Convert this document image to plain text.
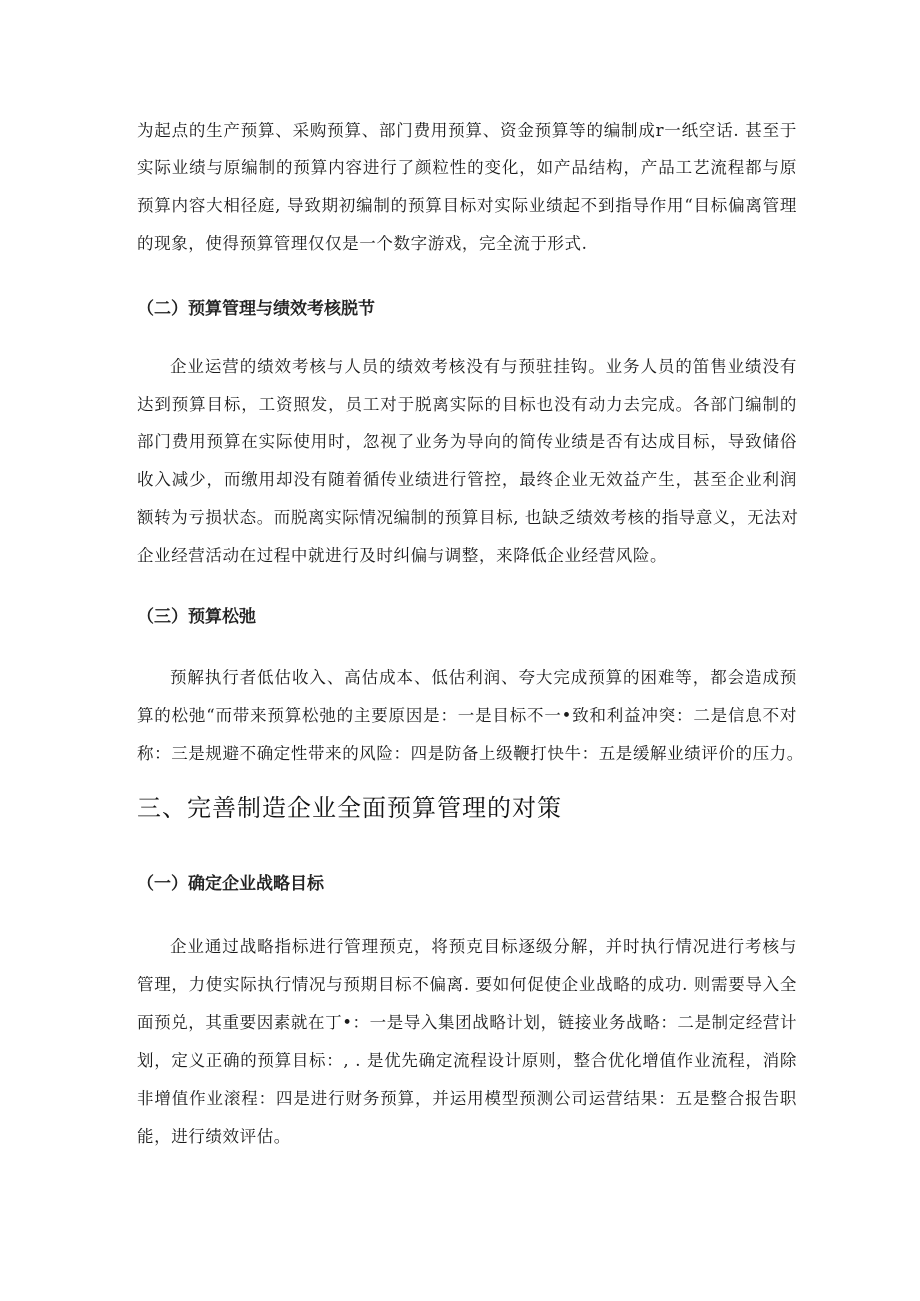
为起点的生产预算、采购预算、部门费用预算、资金预算等的编制成r一纸空话. 甚至于
实际业绩与原编制的预算内容进行了颜粒性的变化，如产品结构，产品工艺流程都与原
预算内容大相径庭, 导致期初编制的预算目标对实际业绩起不到指导作用“目标偏离管理
的现象，使得预算管理仅仅是一个数字游戏，完全流于形式.
（二）预算管理与绩效考核脱节
企业运营的绩效考核与人员的绩效考核没有与预驻挂钩。业务人员的笛售业绩没有
达到预算目标，工资照发，员工对于脱离实际的目标也没有动力去完成。各部门编制的
部门费用预算在实际使用时，忽视了业务为导向的简传业绩是否有达成目标，导致储俗
收入减少，而缴用却没有随着循传业绩进行管控，最终企业无效益产生，甚至企业利润
额转为亏损状态。而脱离实际情况编制的预算目标, 也缺乏绩效考核的指导意义，无法对
企业经营活动在过程中就进行及时纠偏与调整，来降低企业经营风险。
（三）预算松弛
预解执行者低估收入、高估成本、低估利润、夸大完成预算的困难等，都会造成预
算的松弛“而带来预算松弛的主要原因是：一是目标不一•致和利益冲突：二是信息不对
称：三是规避不确定性带来的风险：四是防备上级鞭打快牛：五是缓解业绩评价的压力。
三、完善制造企业全面预算管理的对策
（一）确定企业战略目标
企业通过战略指标进行管理预克，将预克目标逐级分解，并时执行情况进行考核与
管理，力使实际执行情况与预期目标不偏离. 要如何促使企业战略的成功. 则需要导入全
面预兑，其重要因素就在丁•：一是导入集团战略计划，链接业务战略：二是制定经营计
划，定义正确的预算目标：, . 是优先确定流程设计原则，整合优化增值作业流程，消除
非增值作业滚程：四是进行财务预算，并运用模型预测公司运营结果：五是整合报告职
能，进行绩效评估。
